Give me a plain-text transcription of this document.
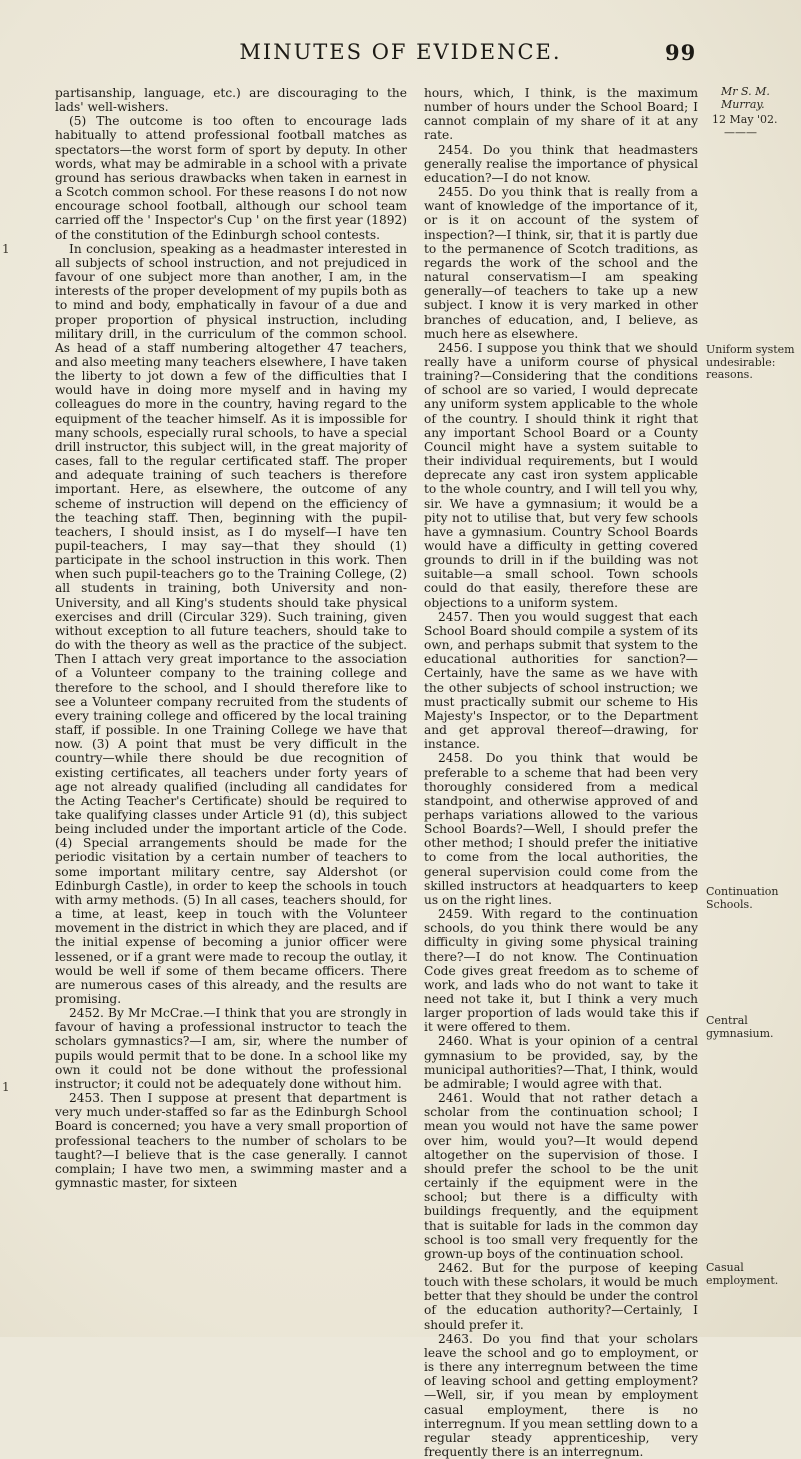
MINUTES OF EVIDENCE.	99

partisanship, language, etc.) are discouraging to the lads' well-wishers.

(5) The outcome is too often to encourage lads habitually to attend professional football matches as spectators—the worst form of sport by deputy. In other words, what may be admirable in a school with a private ground has serious drawbacks when taken in earnest in a Scotch common school. For these reasons I do not now encourage school football, although our school team carried off the ' Inspector's Cup ' on the first year (1892) of the constitution of the Edinburgh school contests.

In conclusion, speaking as a headmaster interested in all subjects of school instruction, and not prejudiced in favour of one subject more than another, I am, in the interests of the proper development of my pupils both as to mind and body, emphatically in favour of a due and proper proportion of physical instruction, including military drill, in the curriculum of the common school. As head of a staff numbering altogether 47 teachers, and also meeting many teachers elsewhere, I have taken the liberty to jot down a few of the difficulties that I would have in doing more myself and in having my colleagues do more in the country, having regard to the equipment of the teacher himself. As it is impossible for many schools, especially rural schools, to have a special drill instructor, this subject will, in the great majority of cases, fall to the regular certificated staff. The proper and adequate training of such teachers is therefore important. Here, as elsewhere, the outcome of any scheme of instruction will depend on the efficiency of the teaching staff. Then, beginning with the pupil-teachers, I should insist, as I do myself—I have ten pupil-teachers, I may say—that they should (1) participate in the school instruction in this work. Then when such pupil-teachers go to the Training College, (2) all students in training, both University and non-University, and all King's students should take physical exercises and drill (Circular 329). Such training, given without exception to all future teachers, should take to do with the theory as well as the practice of the subject. Then I attach very great importance to the association of a Volunteer company to the training college and therefore to the school, and I should therefore like to see a Volunteer company recruited from the students of every training college and officered by the local training staff, if possible. In one Training College we have that now. (3) A point that must be very difficult in the country—while there should be due recognition of existing certificates, all teachers under forty years of age not already qualified (including all candidates for the Acting Teacher's Certificate) should be required to take qualifying classes under Article 91 (d), this subject being included under the important article of the Code. (4) Special arrangements should be made for the periodic visitation by a certain number of teachers to some important military centre, say Aldershot (or Edinburgh Castle), in order to keep the schools in touch with army methods. (5) In all cases, teachers should, for a time, at least, keep in touch with the Volunteer movement in the district in which they are placed, and if the initial expense of becoming a junior officer were lessened, or if a grant were made to recoup the outlay, it would be well if some of them became officers. There are numerous cases of this already, and the results are promising.

2452. By Mr McCrae.—I think that you are strongly in favour of having a professional instructor to teach the scholars gymnastics?—I am, sir, where the number of pupils would permit that to be done. In a school like my own it could not be done without the professional instructor; it could not be adequately done without him.

2453. Then I suppose at present that department is very much under-staffed so far as the Edinburgh School Board is concerned; you have a very small proportion of professional teachers to the number of scholars to be taught?—I believe that is the case generally. I cannot complain; I have two men, a swimming master and a gymnastic master, for sixteen

hours, which, I think, is the maximum number of hours under the School Board; I cannot complain of my share of it at any rate.

2454. Do you think that headmasters generally realise the importance of physical education?—I do not know.

2455. Do you think that is really from a want of knowledge of the importance of it, or is it on account of the system of inspection?—I think, sir, that it is partly due to the permanence of Scotch traditions, as regards the work of the school and the natural conservatism—I am speaking generally—of teachers to take up a new subject. I know it is very marked in other branches of education, and, I believe, as much here as elsewhere.

2456. I suppose you think that we should really have a uniform course of physical training?—Considering that the conditions of school are so varied, I would deprecate any uniform system applicable to the whole of the country. I should think it right that any important School Board or a County Council might have a system suitable to their individual requirements, but I would deprecate any cast iron system applicable to the whole country, and I will tell you why, sir. We have a gymnasium; it would be a pity not to utilise that, but very few schools have a gymnasium. Country School Boards would have a difficulty in getting covered grounds to drill in if the building was not suitable—a small school. Town schools could do that easily, therefore these are objections to a uniform system.

2457. Then you would suggest that each School Board should compile a system of its own, and perhaps submit that system to the educational authorities for sanction?—Certainly, have the same as we have with the other subjects of school instruction; we must practically submit our scheme to His Majesty's Inspector, or to the Department and get approval thereof—drawing, for instance.

2458. Do you think that would be preferable to a scheme that had been very thoroughly considered from a medical standpoint, and otherwise approved of and perhaps variations allowed to the various School Boards?—Well, I should prefer the other method; I should prefer the initiative to come from the local authorities, the general supervision could come from the skilled instructors at headquarters to keep us on the right lines.

2459. With regard to the continuation schools, do you think there would be any difficulty in giving some physical training there?—I do not know. The Continuation Code gives great freedom as to scheme of work, and lads who do not want to take it need not take it, but I think a very much larger proportion of lads would take this if it were offered to them.

2460. What is your opinion of a central gymnasium to be provided, say, by the municipal authorities?—That, I think, would be admirable; I would agree with that.

2461. Would that not rather detach a scholar from the continuation school; I mean you would not have the same power over him, would you?—It would depend altogether on the supervision of those. I should prefer the school to be the unit certainly if the equipment were in the school; but there is a difficulty with buildings frequently, and the equipment that is suitable for lads in the common day school is too small very frequently for the grown-up boys of the continuation school.

2462. But for the purpose of keeping touch with these scholars, it would be much better that they should be under the control of the education authority?—Certainly, I should prefer it.

2463. Do you find that your scholars leave the school and go to employment, or is there any interregnum between the time of leaving school and getting employment?—Well, sir, if you mean by employment casual employment, there is no interregnum. If you mean settling down to a regular steady apprenticeship, very frequently there is an interregnum.

Mr S. M. Murray.
12 May '02.
———
Uniform system undesirable: reasons.
Continuation Schools.
Central gymnasium.
Casual employment.
1
1
